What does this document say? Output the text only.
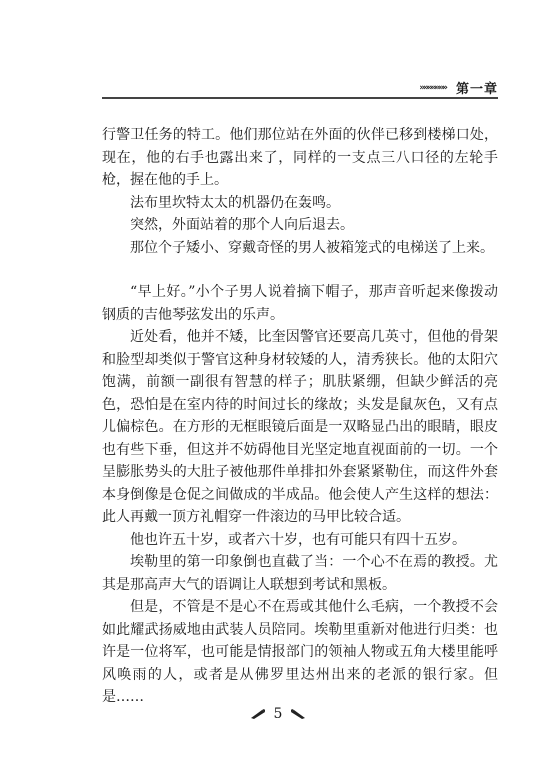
»»»»»»» 第一章

行警卫任务的特工。他们那位站在外面的伙伴已移到楼梯口处，现在，他的右手也露出来了，同样的一支点三八口径的左轮手枪，握在他的手上。

法布里坎特太太的机器仍在轰鸣。

突然，外面站着的那个人向后退去。

那位个子矮小、穿戴奇怪的男人被箱笼式的电梯送了上来。

“早上好。”小个子男人说着摘下帽子，那声音听起来像拨动钢质的吉他琴弦发出的乐声。

近处看，他并不矮，比奎因警官还要高几英寸，但他的骨架和脸型却类似于警官这种身材较矮的人，清秀狭长。他的太阳穴饱满，前额一副很有智慧的样子；肌肤紧绷，但缺少鲜活的亮色，恐怕是在室内待的时间过长的缘故；头发是鼠灰色，又有点儿偏棕色。在方形的无框眼镜后面是一双略显凸出的眼睛，眼皮也有些下垂，但这并不妨碍他目光坚定地直视面前的一切。一个呈膨胀势头的大肚子被他那件单排扣外套紧紧勒住，而这件外套本身倒像是仓促之间做成的半成品。他会使人产生这样的想法：此人再戴一顶方礼帽穿一件滚边的马甲比较合适。

他也许五十岁，或者六十岁，也有可能只有四十五岁。

埃勒里的第一印象倒也直截了当：一个心不在焉的教授。尤其是那高声大气的语调让人联想到考试和黑板。

但是，不管是不是心不在焉或其他什么毛病，一个教授不会如此耀武扬威地由武装人员陪同。埃勒里重新对他进行归类：也许是一位将军，也可能是情报部门的领袖人物或五角大楼里能呼风唤雨的人，或者是从佛罗里达州出来的老派的银行家。但是……

5
